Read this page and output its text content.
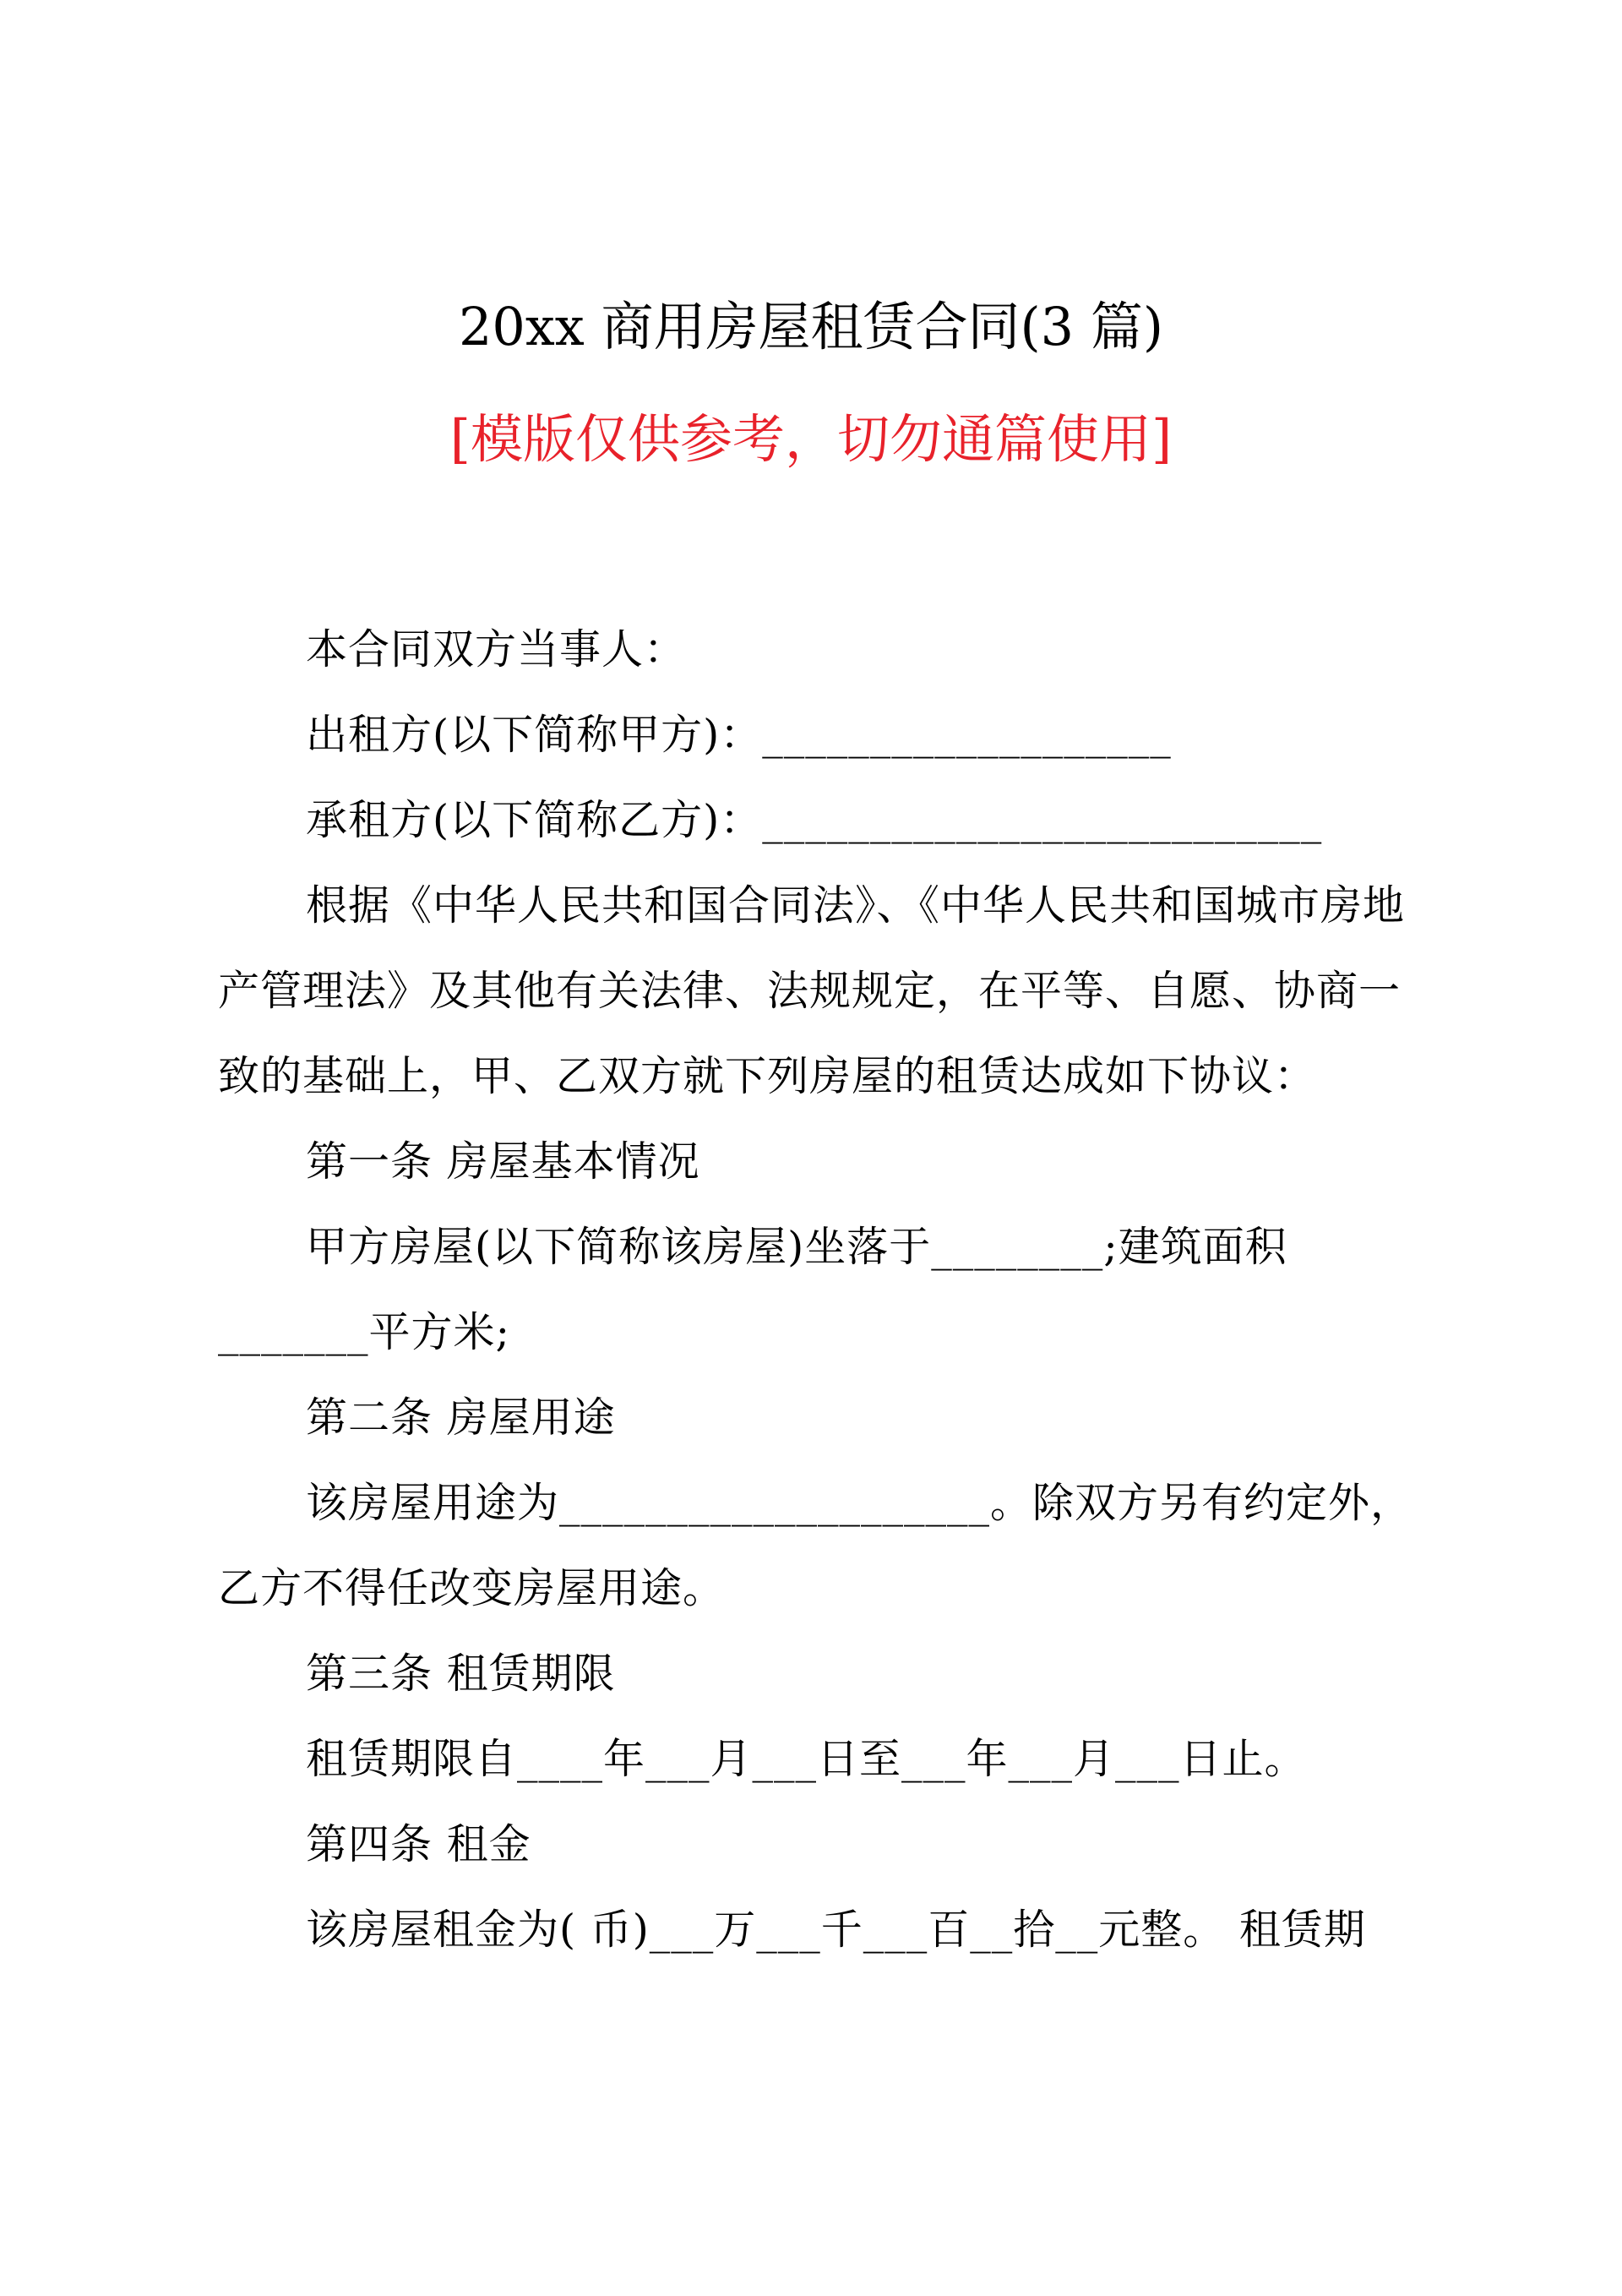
20xx 商用房屋租赁合同(3 篇)
[模版仅供参考，切勿通篇使用]
本合同双方当事人：
出租方(以下简称甲方)：___________________
承租方(以下简称乙方)：__________________________
根据《中华人民共和国合同法》、《中华人民共和国城市房地
产管理法》及其他有关法律、法规规定，在平等、自愿、协商一
致的基础上，甲、乙双方就下列房屋的租赁达成如下协议：
第一条 房屋基本情况
甲方房屋(以下简称该房屋)坐落于________;建筑面积
_______平方米;
第二条 房屋用途
该房屋用途为____________________。除双方另有约定外，
乙方不得任改变房屋用途。
第三条 租赁期限
租赁期限自____年___月___日至___年___月___日止。
第四条 租金
该房屋租金为( 币)___万___千___百__拾__元整。 租赁期
